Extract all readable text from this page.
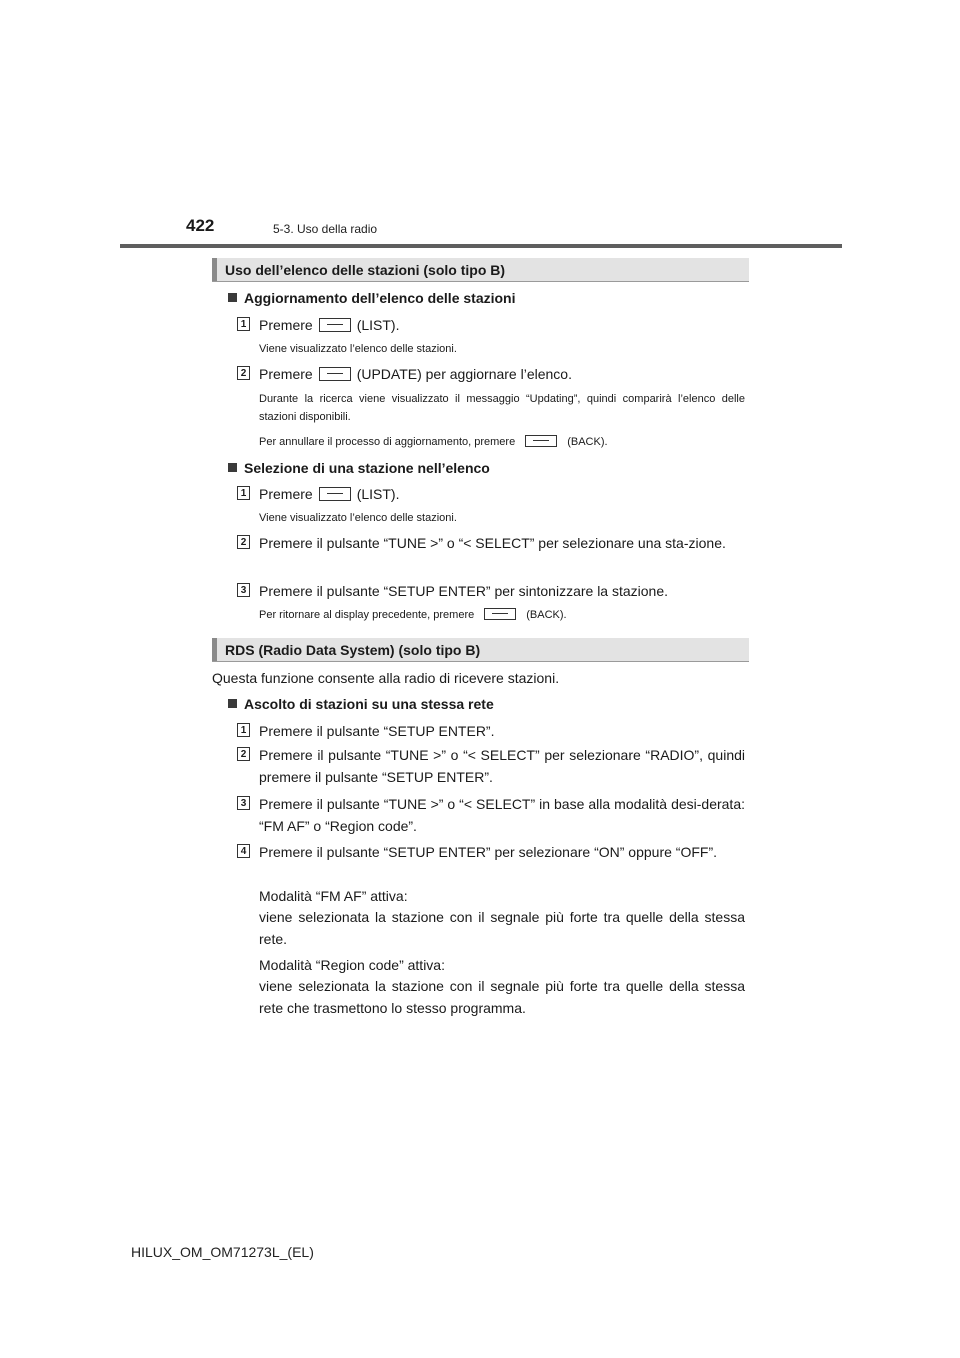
422	5-3. Uso della radio
Uso dell’elenco delle stazioni (solo tipo B)
Aggiornamento dell’elenco delle stazioni
1 Premere	(LIST).
Viene visualizzato l’elenco delle stazioni.
2 Premere	(UPDATE) per aggiornare l’elenco.
Durante la ricerca viene visualizzato il messaggio “Updating”, quindi comparirà l’elenco delle stazioni disponibili.
Per annullare il processo di aggiornamento, premere	(BACK).
Selezione di una stazione nell’elenco
1 Premere	(LIST).
Viene visualizzato l’elenco delle stazioni.
2 Premere il pulsante “TUNE >” o “< SELECT” per selezionare una sta-zione.
3 Premere il pulsante “SETUP ENTER” per sintonizzare la stazione.
Per ritornare al display precedente, premere	(BACK).
RDS (Radio Data System) (solo tipo B)
Questa funzione consente alla radio di ricevere stazioni.
Ascolto di stazioni su una stessa rete
1 Premere il pulsante “SETUP ENTER”.
2 Premere il pulsante “TUNE >” o “< SELECT” per selezionare “RADIO”, quindi premere il pulsante “SETUP ENTER”.
3 Premere il pulsante “TUNE >” o “< SELECT” in base alla modalità desi-derata: “FM AF” o “Region code”.
4 Premere il pulsante “SETUP ENTER” per selezionare “ON” oppure “OFF”.
Modalità “FM AF” attiva:
viene selezionata la stazione con il segnale più forte tra quelle della stessa rete.
Modalità “Region code” attiva:
viene selezionata la stazione con il segnale più forte tra quelle della stessa rete che trasmettono lo stesso programma.
HILUX_OM_OM71273L_(EL)
